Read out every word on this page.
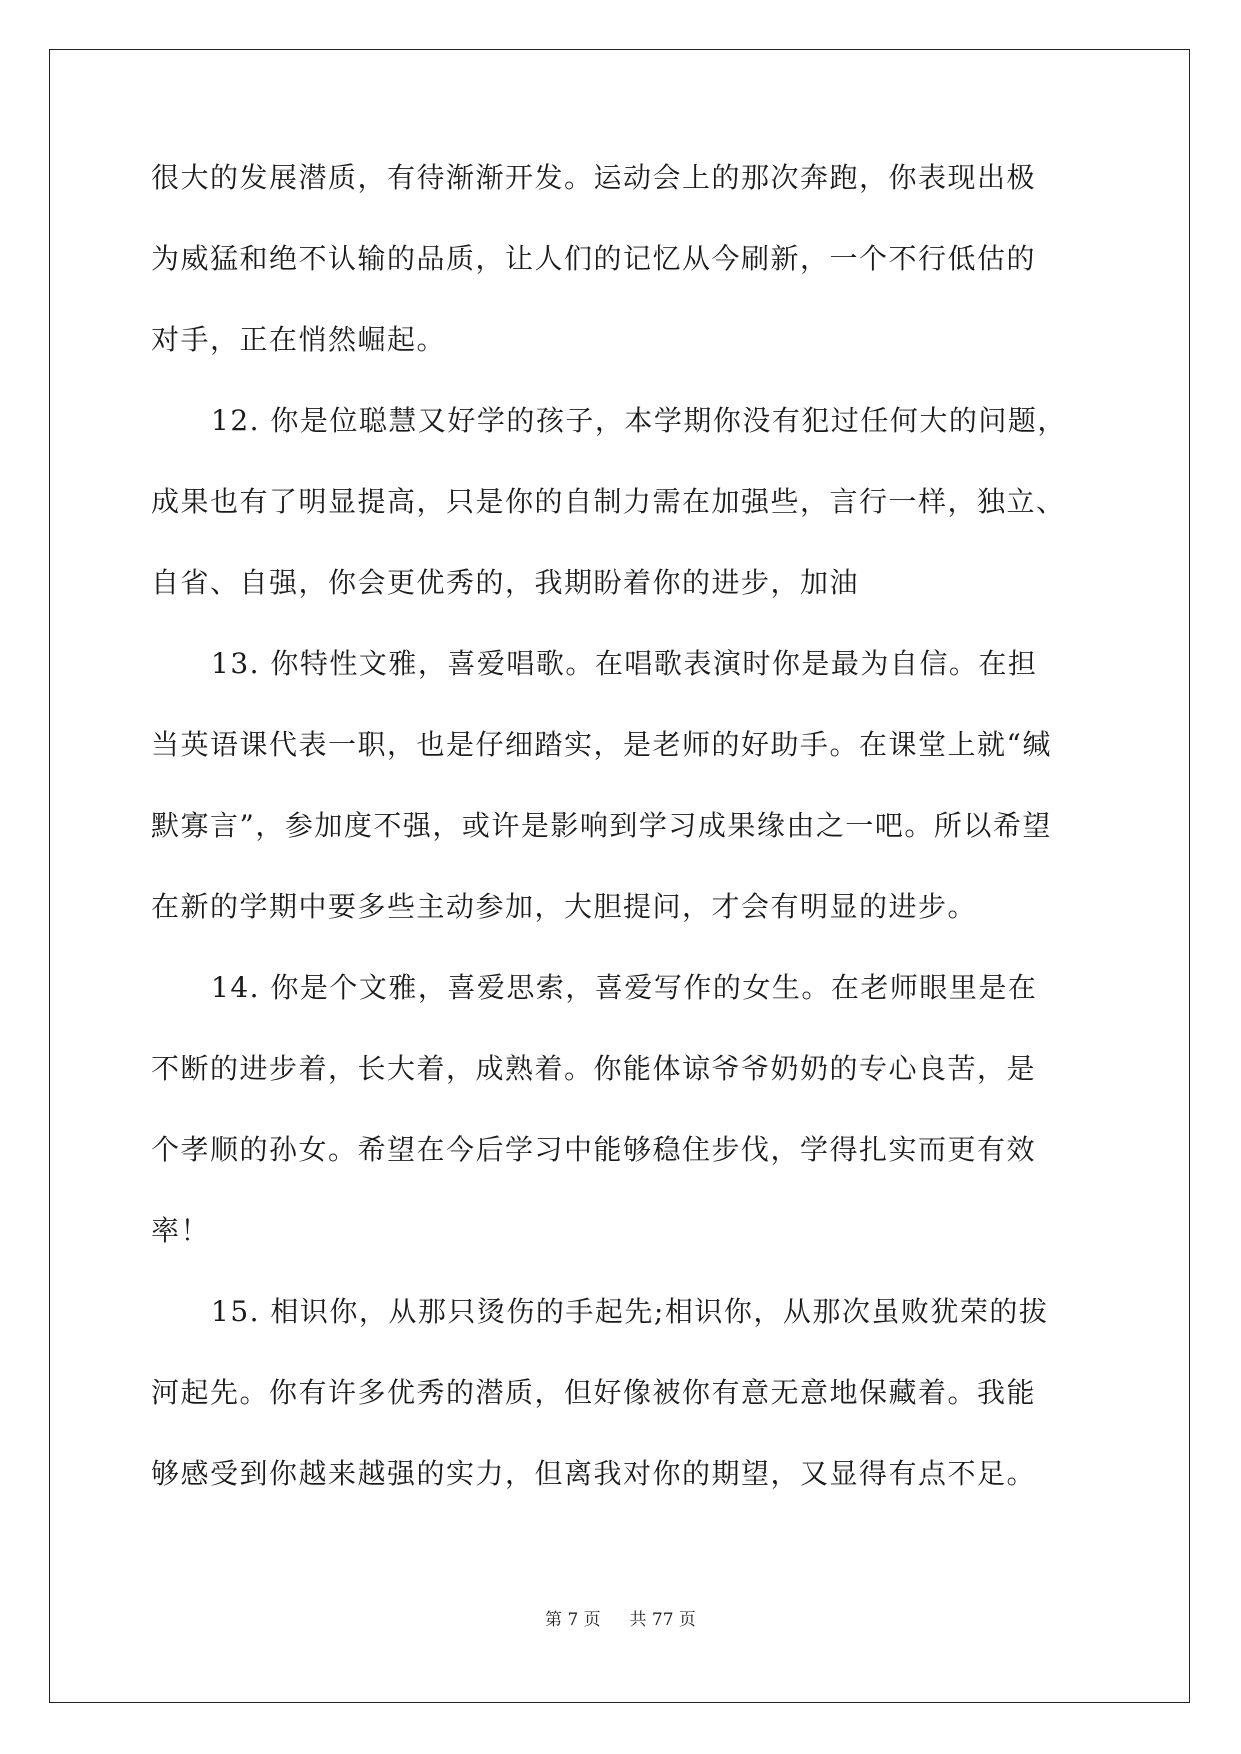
很大的发展潜质，有待渐渐开发。运动会上的那次奔跑，你表现出极
为威猛和绝不认输的品质，让人们的记忆从今刷新，一个不行低估的
对手，正在悄然崛起。
12. 你是位聪慧又好学的孩子，本学期你没有犯过任何大的问题，
成果也有了明显提高，只是你的自制力需在加强些，言行一样，独立、
自省、自强，你会更优秀的，我期盼着你的进步，加油
13. 你特性文雅，喜爱唱歌。在唱歌表演时你是最为自信。在担
当英语课代表一职，也是仔细踏实，是老师的好助手。在课堂上就“缄
默寡言”，参加度不强，或许是影响到学习成果缘由之一吧。所以希望
在新的学期中要多些主动参加，大胆提问，才会有明显的进步。
14. 你是个文雅，喜爱思索，喜爱写作的女生。在老师眼里是在
不断的进步着，长大着，成熟着。你能体谅爷爷奶奶的专心良苦，是
个孝顺的孙女。希望在今后学习中能够稳住步伐，学得扎实而更有效
率！
15. 相识你，从那只烫伤的手起先;相识你，从那次虽败犹荣的拔
河起先。你有许多优秀的潜质，但好像被你有意无意地保藏着。我能
够感受到你越来越强的实力，但离我对你的期望，又显得有点不足。
第 7 页 共 77 页
